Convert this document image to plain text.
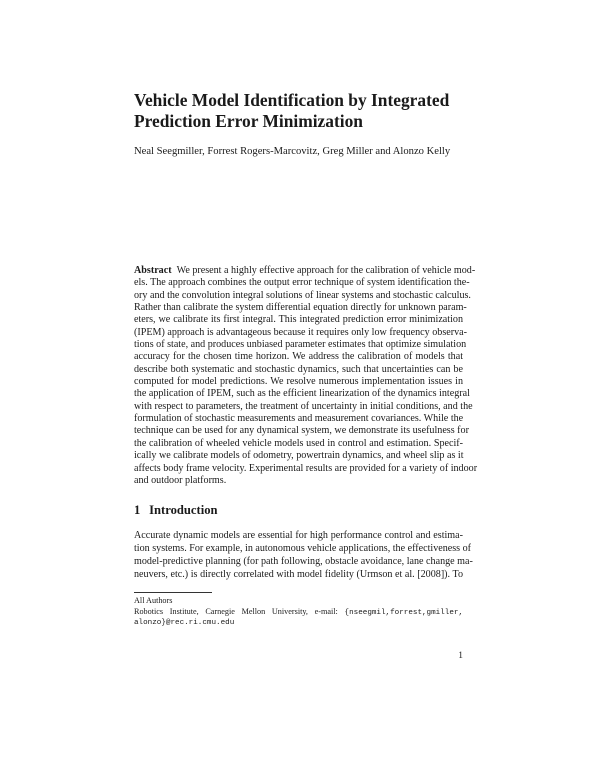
Vehicle Model Identification by Integrated
Prediction Error Minimization
Neal Seegmiller, Forrest Rogers-Marcovitz, Greg Miller and Alonzo Kelly
Abstract We present a highly effective approach for the calibration of vehicle mod-
els. The approach combines the output error technique of system identification the-
ory and the convolution integral solutions of linear systems and stochastic calculus.
Rather than calibrate the system differential equation directly for unknown param-
eters, we calibrate its first integral. This integrated prediction error minimization
(IPEM) approach is advantageous because it requires only low frequency observa-
tions of state, and produces unbiased parameter estimates that optimize simulation
accuracy for the chosen time horizon. We address the calibration of models that
describe both systematic and stochastic dynamics, such that uncertainties can be
computed for model predictions. We resolve numerous implementation issues in
the application of IPEM, such as the efficient linearization of the dynamics integral
with respect to parameters, the treatment of uncertainty in initial conditions, and the
formulation of stochastic measurements and measurement covariances. While the
technique can be used for any dynamical system, we demonstrate its usefulness for
the calibration of wheeled vehicle models used in control and estimation. Specif-
ically we calibrate models of odometry, powertrain dynamics, and wheel slip as it
affects body frame velocity. Experimental results are provided for a variety of indoor
and outdoor platforms.
1 Introduction
Accurate dynamic models are essential for high performance control and estima-
tion systems. For example, in autonomous vehicle applications, the effectiveness of
model-predictive planning (for path following, obstacle avoidance, lane change ma-
neuvers, etc.) is directly correlated with model fidelity (Urmson et al. [2008]). To
All Authors
Robotics Institute, Carnegie Mellon University, e-mail: {nseegmil,forrest,gmiller,
alonzo}@rec.ri.cmu.edu
1
